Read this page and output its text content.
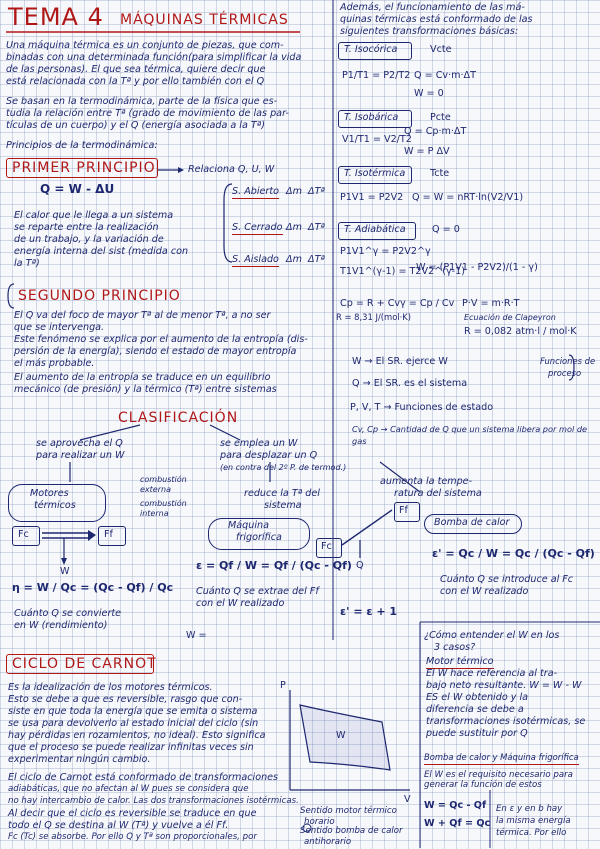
TEMA 4 MÁQUINAS TÉRMICAS
Una máquina térmica es un conjunto de piezas, que com-
binadas con una determinada función(para simplificar la vida
de las personas). El que sea térmica, quiere decir que
está relacionada con la Tª y por ello también con el Q
Se basan en la termodinámica, parte de la física que es-
tudia la relación entre Tª (grado de movimiento de las par-
tículas de un cuerpo) y el Q (energía asociada a la Tª)
Principios de la termodinámica:
PRIMER PRINCIPIO	Relaciona Q, U, W
Q = W - ΔU
El calor que le llega a un sistema
se reparte entre la realización
de un trabajo, y la variación de
energía interna del sist (medida con
la Tª)
S. Abierto Δm  ΔTª
S. Cerrado Δm  ΔTª
S. Aislado Δm  ΔTª
SEGUNDO PRINCIPIO
El Q va del foco de mayor Tª al de menor Tª, a no ser
que se intervenga.
Este fenómeno se explica por el aumento de la entropía (dis-
persión de la energía), siendo el estado de mayor entropía
el más probable.
El aumento de la entropía se traduce en un equilibrio
mecánico (de presión) y la térmico (Tª) entre sistemas
CLASIFICACIÓN
se aprovecha el Q
para realizar un W
se emplea un W
para desplazar un Q
(en contra del 2º P. de termod.)
Motores
térmicos
combustión
externa
combustión
interna
reduce la Tª del
sistema
aumenta la tempe-
ratura del sistema
Máquina
frigorífica
Bomba de calor
Fc	Ff
W
Fc
Ff
Q
η = W / Qc = (Qc - Qf) / Qc
Cuánto Q se convierte
en W (rendimiento)
ε = Qf / W = Qf / (Qc - Qf)
Cuánto Q se extrae del Ff
con el W realizado
ε' = Qc / W = Qc / (Qc - Qf)
Cuánto Q se introduce al Fc
con el W realizado
ε' = ε + 1
W =
CICLO DE CARNOT
Es la idealización de los motores térmicos.
Esto se debe a que es reversible, rasgo que con-
siste en que toda la energía que se emita o sistema
se usa para devolverlo al estado inicial del ciclo (sin
hay pérdidas en rozamientos, no ideal). Esto significa
que el proceso se puede realizar infinitas veces sin
experimentar ningún cambio.
El ciclo de Carnot está conformado de transformaciones
adiabáticas, que no afectan al W pues se considera que
no hay intercambio de calor. Las dos transformaciones isotérmicas.
Al decir que el ciclo es reversible se traduce en que
todo el Q se destina al W (Tª) y vuelve a él Ff.
Fc (Tc) se absorbe. Por ello Q y Tª son proporcionales, por
P
W
V
Sentido motor térmico
horario
Sentido bomba de calor
antihorario
Además, el funcionamiento de las má-
quinas térmicas está conformado de las
siguientes transformaciones básicas:
T. Isocórica	Vcte
P1/T1 = P2/T2 Q = Cv·m·ΔT
W = 0
T. Isobárica	Pcte
V1/T1 = V2/T2
Q = Cp·m·ΔT
W = P ΔV
T. Isotérmica	Tcte
P1V1 = P2V2 Q = W = nRT·ln(V2/V1)
T. Adiabática	Q = 0
P1V1^γ = P2V2^γ
T1V1^(γ-1) = T2V2^(γ-1)
W = (P1V1 - P2V2)/(1 - γ)
Cp = R + Cv γ = Cp / Cv P·V = m·R·T
Ecuación de Clapeyron
R = 8,31 J/(mol·K)
R = 0,082 atm·l / mol·K
W → El SR. ejerce W
Q → El SR. es el sistema
Funciones de
proceso
P, V, T → Funciones de estado
Cv, Cp → Cantidad de Q que un sistema libera por mol de gas
¿Cómo entender el W en los
3 casos?
Motor térmico
El W hace referencia al tra-
bajo neto resultante. W = W - W
ES el W obtenido y la
diferencia se debe a
transformaciones isotérmicas, se
puede sustituir por Q
Bomba de calor y Máquina frigorífica
El W es el requisito necesario para
generar la función de estos
W = Qc - Qf
W + Qf = Qc
En ε y en b hay
la misma energía
térmica. Por ello
